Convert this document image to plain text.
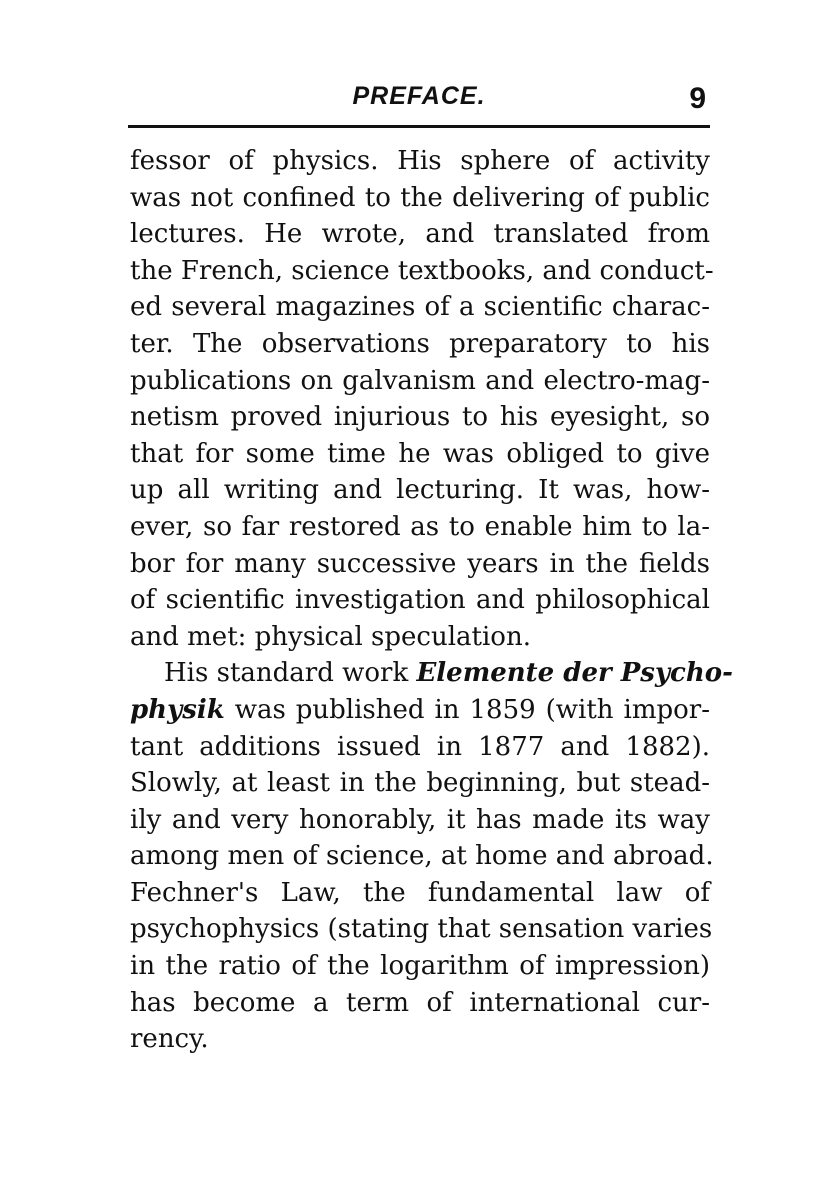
PREFACE.	9
fessor of physics. His sphere of activity
was not confined to the delivering of public
lectures. He wrote, and translated from
the French, science textbooks, and conduct-
ed several magazines of a scientific charac-
ter. The observations preparatory to his
publications on galvanism and electro-mag-
netism proved injurious to his eyesight, so
that for some time he was obliged to give
up all writing and lecturing. It was, how-
ever, so far restored as to enable him to la-
bor for many successive years in the fields
of scientific investigation and philosophical
and met: physical speculation.
His standard work Elemente der Psycho-
physik was published in 1859 (with impor-
tant additions issued in 1877 and 1882).
Slowly, at least in the beginning, but stead-
ily and very honorably, it has made its way
among men of science, at home and abroad.
Fechner's Law, the fundamental law of
psychophysics (stating that sensation varies
in the ratio of the logarithm of impression)
has become a term of international cur-
rency.
